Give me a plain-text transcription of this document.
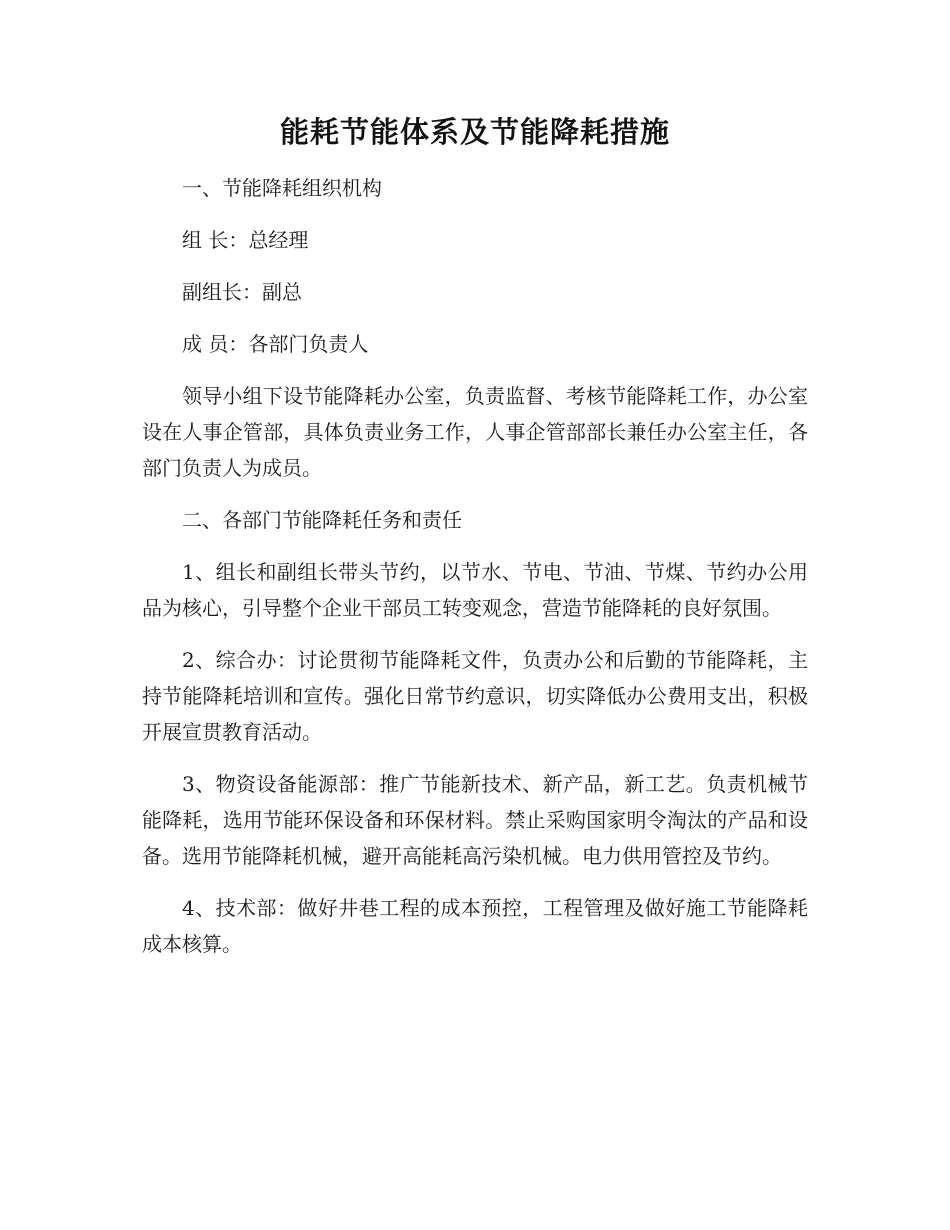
能耗节能体系及节能降耗措施

一、节能降耗组织机构

组 长：总经理

副组长：副总

成 员：各部门负责人

领导小组下设节能降耗办公室，负责监督、考核节能降耗工作，办公室设在人事企管部，具体负责业务工作，人事企管部部长兼任办公室主任，各部门负责人为成员。

二、各部门节能降耗任务和责任

1、组长和副组长带头节约，以节水、节电、节油、节煤、节约办公用品为核心，引导整个企业干部员工转变观念，营造节能降耗的良好氛围。

2、综合办：讨论贯彻节能降耗文件，负责办公和后勤的节能降耗，主持节能降耗培训和宣传。强化日常节约意识，切实降低办公费用支出，积极开展宣贯教育活动。

3、物资设备能源部：推广节能新技术、新产品，新工艺。负责机械节能降耗，选用节能环保设备和环保材料。禁止采购国家明令淘汰的产品和设备。选用节能降耗机械，避开高能耗高污染机械。电力供用管控及节约。

4、技术部：做好井巷工程的成本预控，工程管理及做好施工节能降耗成本核算。
